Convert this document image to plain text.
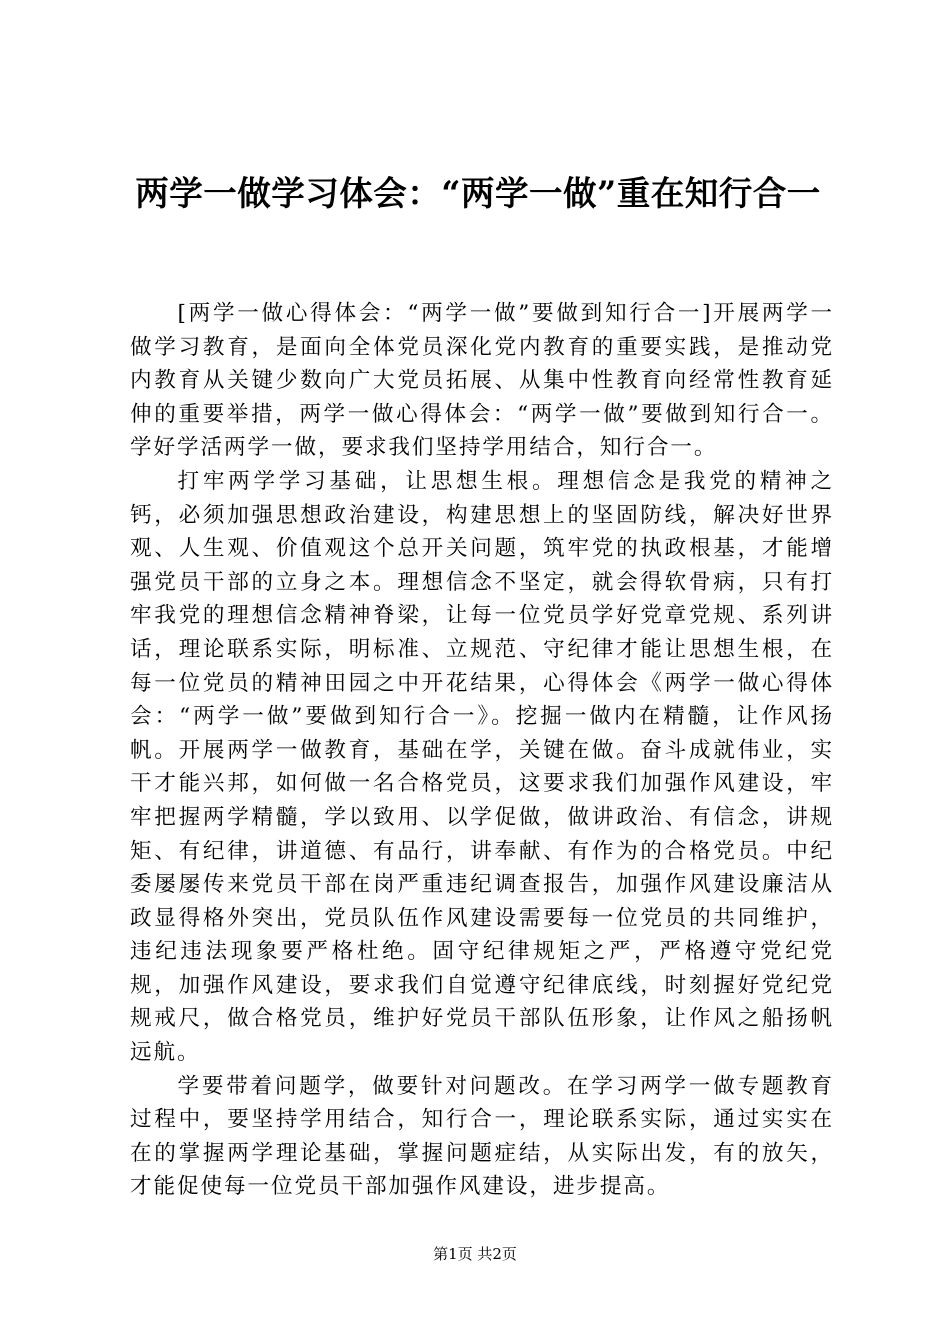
两学一做学习体会：“两学一做”重在知行合一

[两学一做心得体会：“两学一做”要做到知行合一]开展两学一做学习教育，是面向全体党员深化党内教育的重要实践，是推动党内教育从关键少数向广大党员拓展、从集中性教育向经常性教育延伸的重要举措，两学一做心得体会：“两学一做”要做到知行合一。学好学活两学一做，要求我们坚持学用结合，知行合一。

打牢两学学习基础，让思想生根。理想信念是我党的精神之钙，必须加强思想政治建设，构建思想上的坚固防线，解决好世界观、人生观、价值观这个总开关问题，筑牢党的执政根基，才能增强党员干部的立身之本。理想信念不坚定，就会得软骨病，只有打牢我党的理想信念精神脊梁，让每一位党员学好党章党规、系列讲话，理论联系实际，明标准、立规范、守纪律才能让思想生根，在每一位党员的精神田园之中开花结果，心得体会《两学一做心得体会：“两学一做”要做到知行合一》。挖掘一做内在精髓，让作风扬帆。开展两学一做教育，基础在学，关键在做。奋斗成就伟业，实干才能兴邦，如何做一名合格党员，这要求我们加强作风建设，牢牢把握两学精髓，学以致用、以学促做，做讲政治、有信念，讲规矩、有纪律，讲道德、有品行，讲奉献、有作为的合格党员。中纪委屡屡传来党员干部在岗严重违纪调查报告，加强作风建设廉洁从政显得格外突出，党员队伍作风建设需要每一位党员的共同维护，违纪违法现象要严格杜绝。固守纪律规矩之严，严格遵守党纪党规，加强作风建设，要求我们自觉遵守纪律底线，时刻握好党纪党规戒尺，做合格党员，维护好党员干部队伍形象，让作风之船扬帆远航。

学要带着问题学，做要针对问题改。在学习两学一做专题教育过程中，要坚持学用结合，知行合一，理论联系实际，通过实实在在的掌握两学理论基础，掌握问题症结，从实际出发，有的放矢，才能促使每一位党员干部加强作风建设，进步提高。

第1页 共2页
